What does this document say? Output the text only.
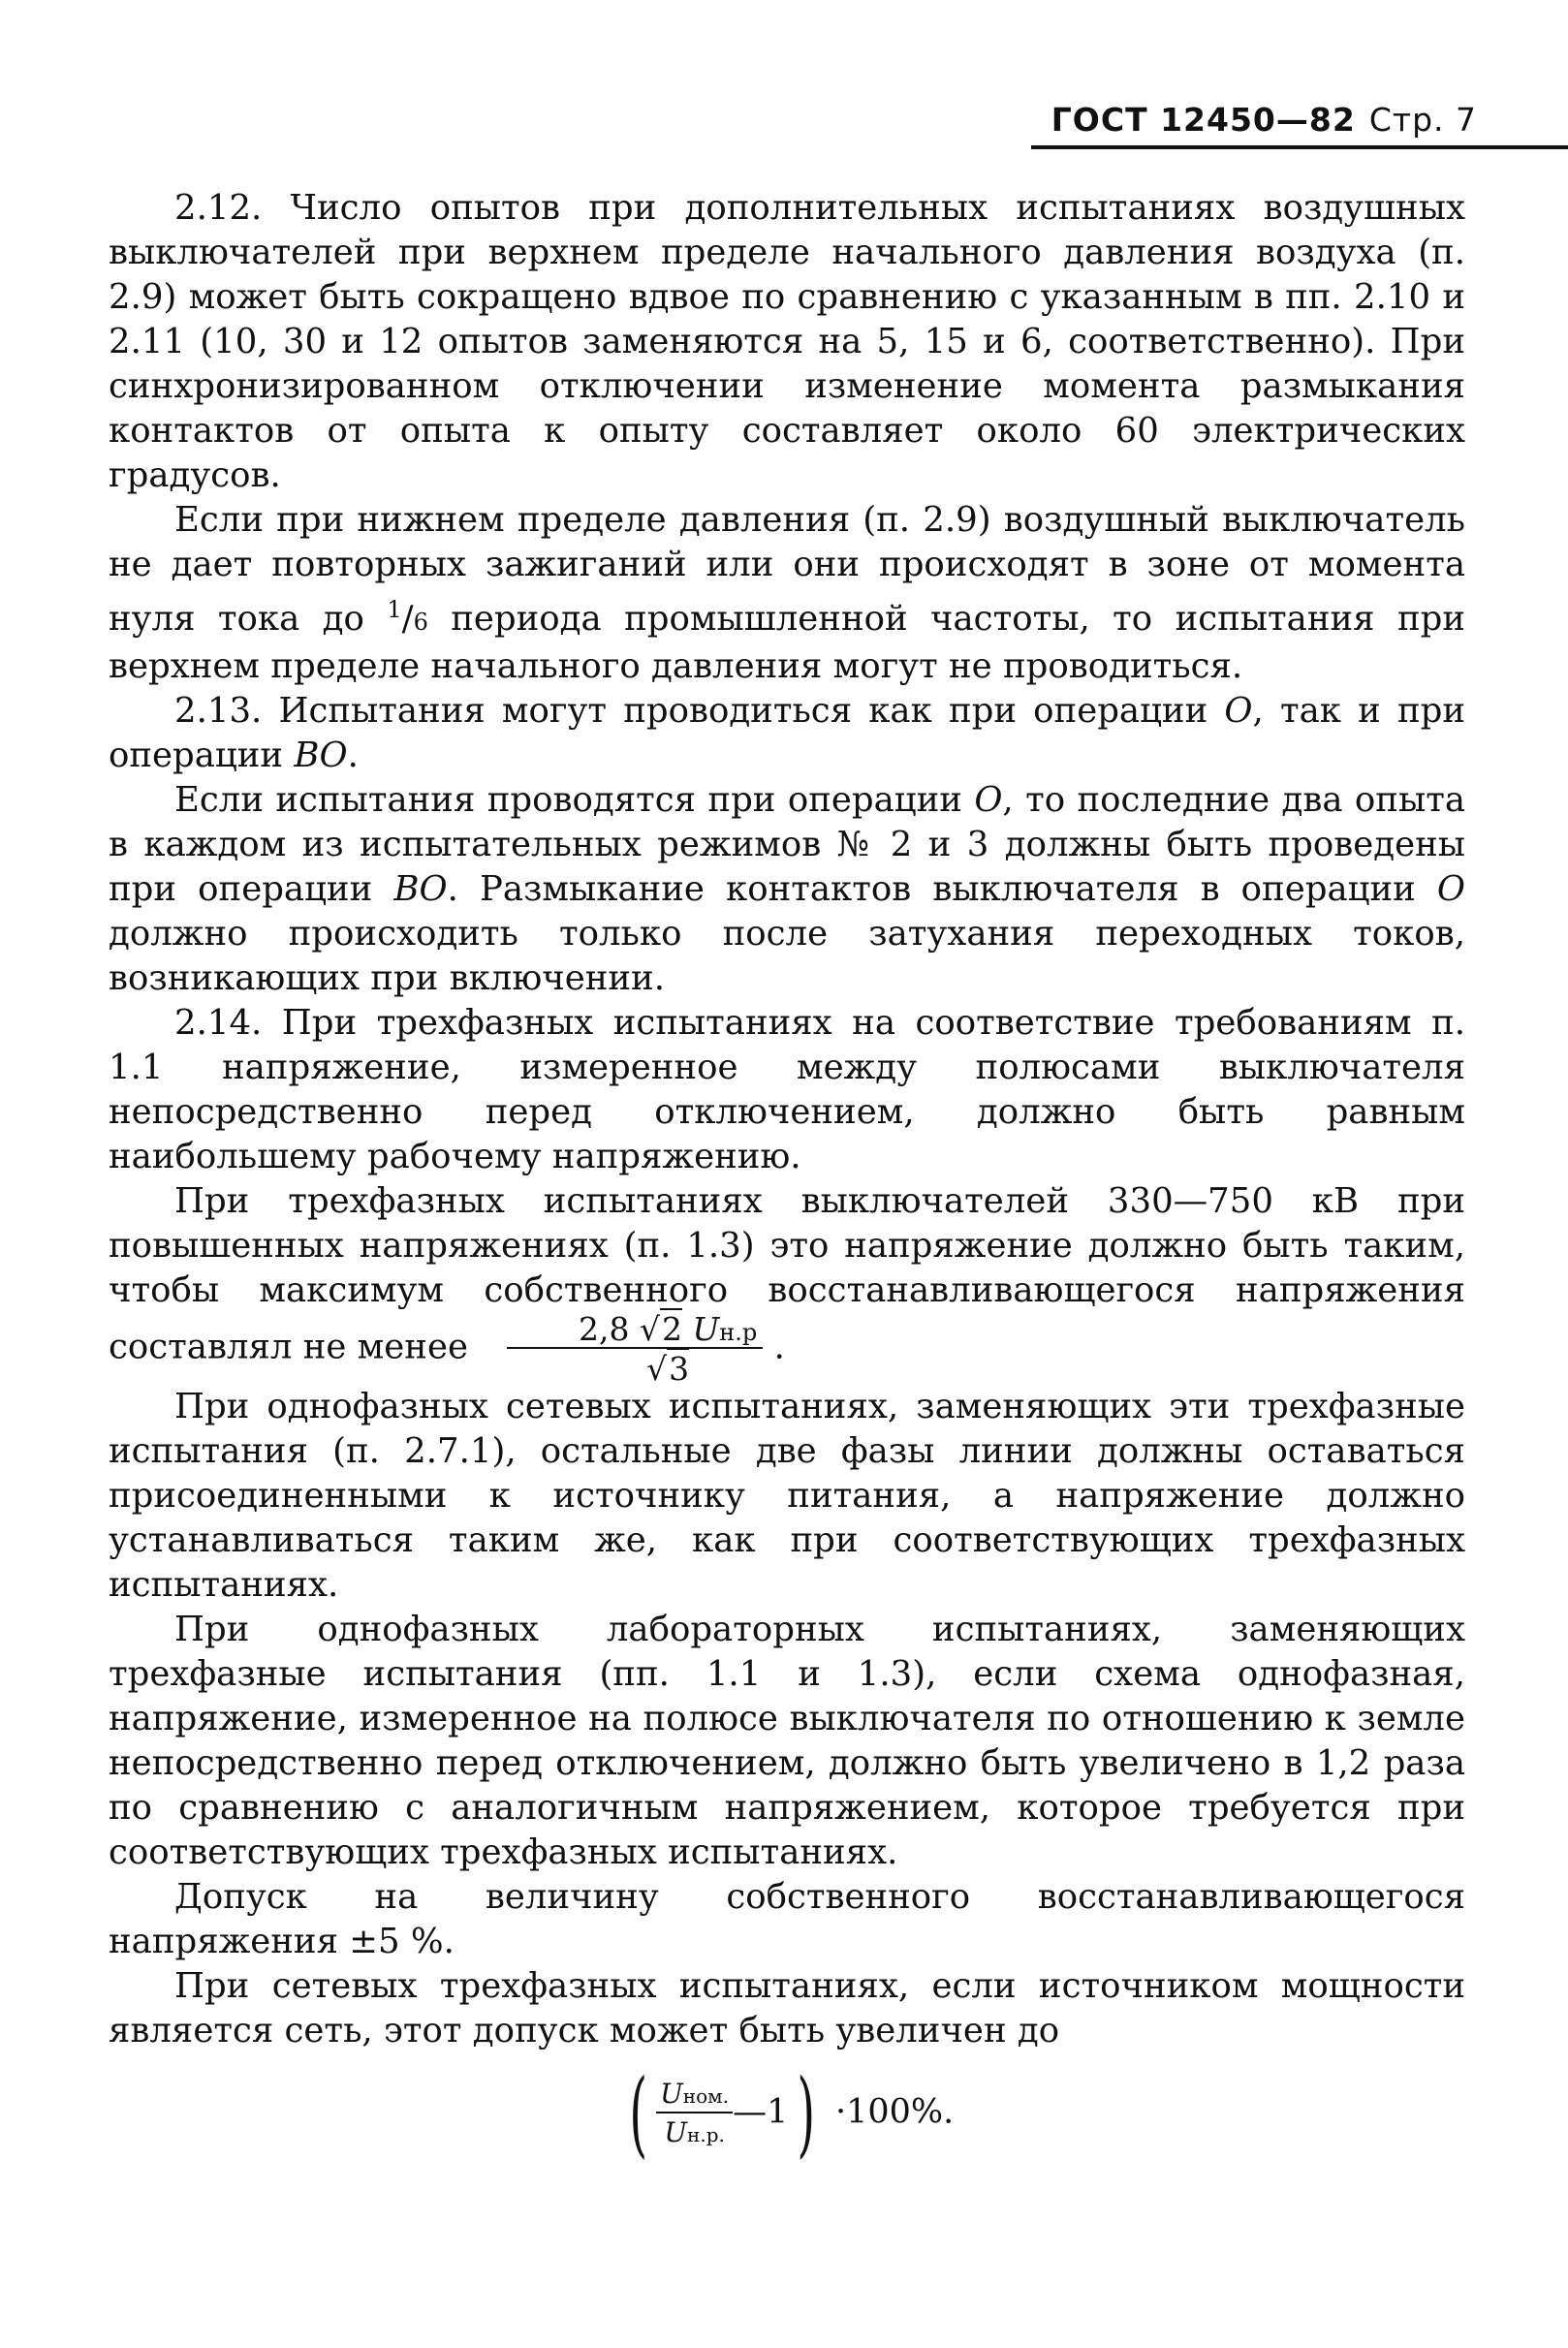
ГОСТ 12450—82 Стр. 7

2.12. Число опытов при дополнительных испытаниях воздушных выключателей при верхнем пределе начального давления воздуха (п. 2.9) может быть сокращено вдвое по сравнению с указанным в пп. 2.10 и 2.11 (10, 30 и 12 опытов заменяются на 5, 15 и 6, соответственно). При синхронизированном отключении изменение момента размыкания контактов от опыта к опыту составляет около 60 электрических градусов.

Если при нижнем пределе давления (п. 2.9) воздушный выключатель не дает повторных зажиганий или они происходят в зоне от момента нуля тока до $^1$/6 периода промышленной частоты, то испытания при верхнем пределе начального давления могут не проводиться.

2.13. Испытания могут проводиться как при операции О, так и при операции ВО.

Если испытания проводятся при операции О, то последние два опыта в каждом из испытательных режимов № 2 и 3 должны быть проведены при операции ВО. Размыкание контактов выключателя в операции О должно происходить только после затухания переходных токов, возникающих при включении.

2.14. При трехфазных испытаниях на соответствие требованиям п. 1.1 напряжение, измеренное между полюсами выключателя непосредственно перед отключением, должно быть равным наибольшему рабочему напряжению.

При трехфазных испытаниях выключателей 330—750 кВ при повышенных напряжениях (п. 1.3) это напряжение должно быть таким, чтобы максимум собственного восстанавливающегося напряжения составлял не менее $\frac{2,8 √2 Uн.р}{√3}$ .

При однофазных сетевых испытаниях, заменяющих эти трехфазные испытания (п. 2.7.1), остальные две фазы линии должны оставаться присоединенными к источнику питания, а напряжение должно устанавливаться таким же, как при соответствующих трехфазных испытаниях.

При однофазных лабораторных испытаниях, заменяющих трехфазные испытания (пп. 1.1 и 1.3), если схема однофазная, напряжение, измеренное на полюсе выключателя по отношению к земле непосредственно перед отключением, должно быть увеличено в 1,2 раза по сравнению с аналогичным напряжением, которое требуется при соответствующих трехфазных испытаниях.

Допуск на величину собственного восстанавливающегося напряжения ±5 %.

При сетевых трехфазных испытаниях, если источником мощности является сеть, этот допуск может быть увеличен до

( $\frac{\text{Uном.}}{Uн.р.}$ —1) ·100%.
